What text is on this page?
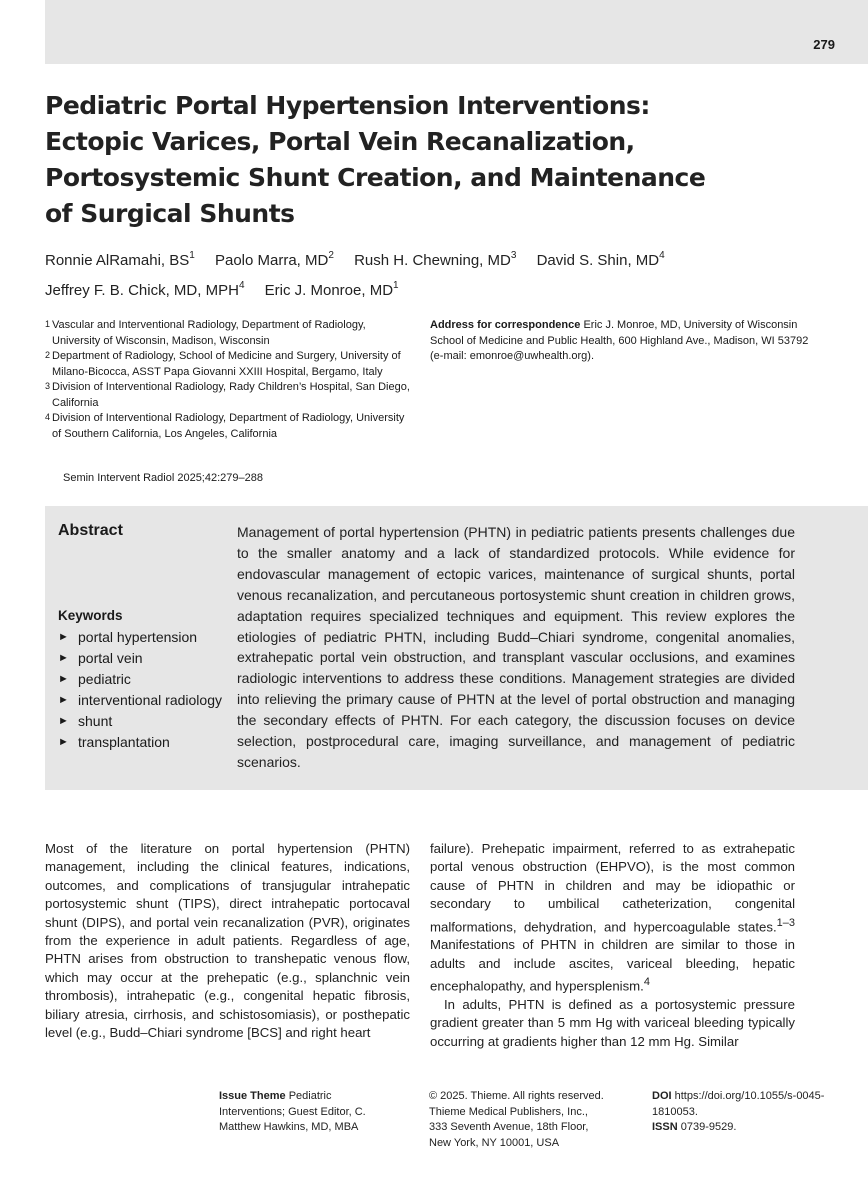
279
Pediatric Portal Hypertension Interventions:
Ectopic Varices, Portal Vein Recanalization,
Portosystemic Shunt Creation, and Maintenance
of Surgical Shunts
Ronnie AlRamahi, $BS^1$ Paolo Marra, $MD^2$ Rush H. Chewning, $MD^3$ David S. Shin, $MD^4$
Jeffrey F. B. Chick, MD, MPH$^4$ Eric J. Monroe, $MD^1$
1 Vascular and Interventional Radiology, Department of Radiology, University of Wisconsin, Madison, Wisconsin
2 Department of Radiology, School of Medicine and Surgery, University of Milano-Bicocca, ASST Papa Giovanni XXIII Hospital, Bergamo, Italy
3 Division of Interventional Radiology, Rady Children’s Hospital, San Diego, California
4 Division of Interventional Radiology, Department of Radiology, University of Southern California, Los Angeles, California
Address for correspondence Eric J. Monroe, MD, University of Wisconsin School of Medicine and Public Health, 600 Highland Ave., Madison, WI 53792 (e-mail: emonroe@uwhealth.org).
Semin Intervent Radiol 2025;42:279–288
Abstract	Management of portal hypertension (PHTN) in pediatric patients presents challenges due to the smaller anatomy and a lack of standardized protocols. While evidence for endovascular management of ectopic varices, maintenance of surgical shunts, portal venous recanalization, and percutaneous portosystemic shunt creation in children grows, adaptation requires specialized techniques and equipment. This review explores the etiologies of pediatric PHTN, including Budd–Chiari syndrome, congenital anomalies, extrahepatic portal vein obstruction, and transplant vascular occlusions, and examines radiologic interventions to address these conditions. Management strategies are divided into relieving the primary cause of PHTN at the level of portal obstruction and managing the secondary effects of PHTN. For each category, the discussion focuses on device selection, postprocedural care, imaging surveillance, and management of pediatric scenarios.
Keywords
► portal hypertension
► portal vein
► pediatric
► interventional radiology
► shunt
► transplantation

Most of the literature on portal hypertension (PHTN) management, including the clinical features, indications, outcomes, and complications of transjugular intrahepatic portosystemic shunt (TIPS), direct intrahepatic portocaval shunt (DIPS), and portal vein recanalization (PVR), originates from the experience in adult patients. Regardless of age, PHTN arises from obstruction to transhepatic venous flow, which may occur at the prehepatic (e.g., splanchnic vein thrombosis), intrahepatic (e.g., congenital hepatic fibrosis, biliary atresia, cirrhosis, and schistosomiasis), or posthepatic level (e.g., Budd–Chiari syndrome [BCS] and right heart

failure). Prehepatic impairment, referred to as extrahepatic portal venous obstruction (EHPVO), is the most common cause of PHTN in children and may be idiopathic or secondary to umbilical catheterization, congenital malformations, dehydration, and hypercoagulable states.$^{1-3}$ Manifestations of PHTN in children are similar to those in adults and include ascites, variceal bleeding, hepatic encephalopathy, and hypersplenism.$^4$

In adults, PHTN is defined as a portosystemic pressure gradient greater than 5 mm Hg with variceal bleeding typically occurring at gradients higher than 12 mm Hg. Similar

Issue Theme Pediatric Interventions; Guest Editor, C. Matthew Hawkins, MD, MBA
© 2025. Thieme. All rights reserved.
Thieme Medical Publishers, Inc.,
333 Seventh Avenue, 18th Floor,
New York, NY 10001, USA
DOI https://doi.org/10.1055/s-0045-1810053.
ISSN 0739-9529.
